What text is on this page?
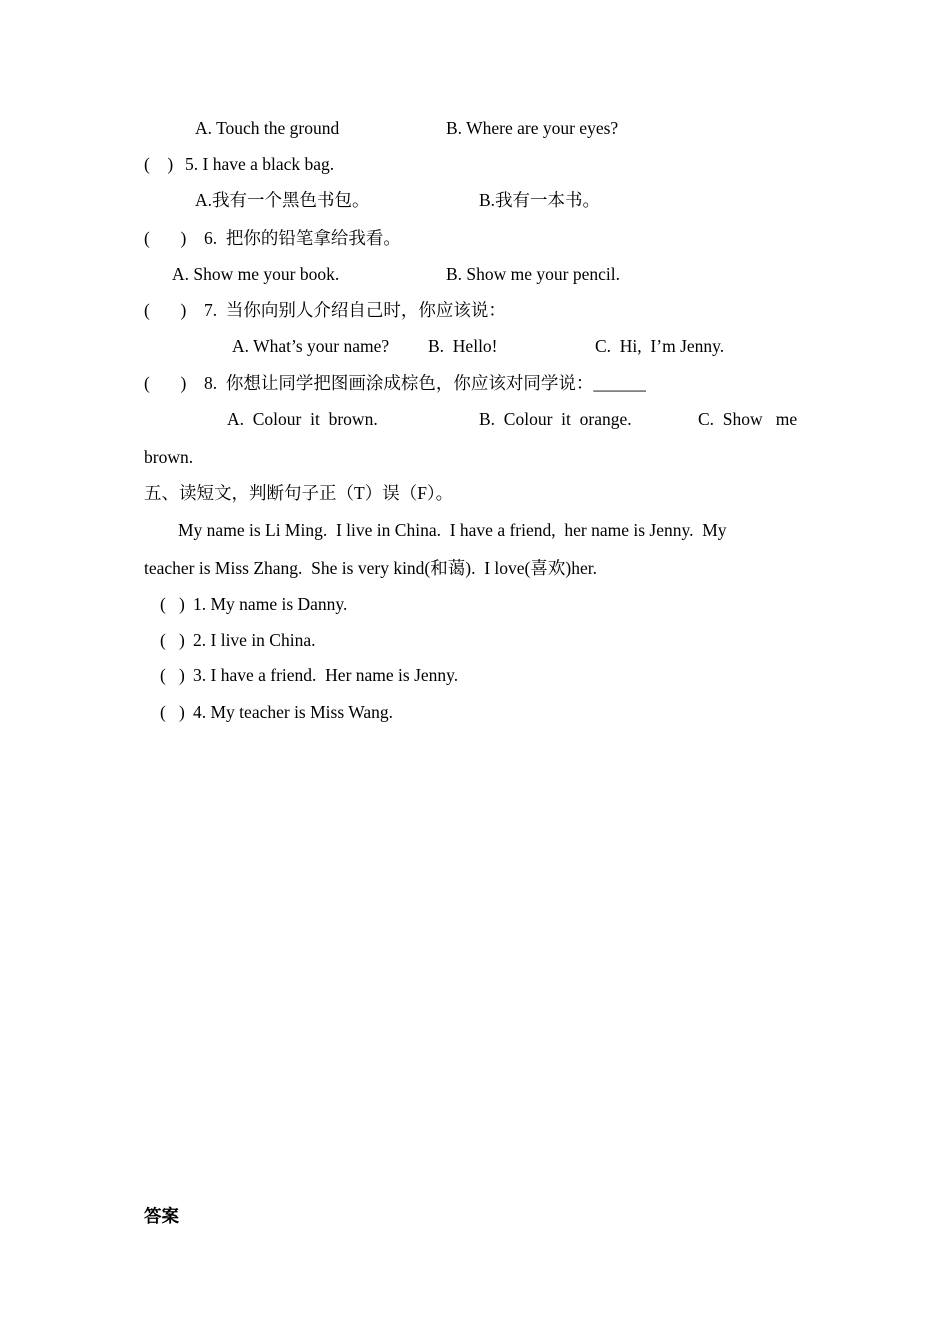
A. Touch the ground	B. Where are your eyes?
(    ) 5. I have a black bag.
A.我有一个黑色书包。	B.我有一本书。
(       ) 6.  把你的铅笔拿给我看。
A. Show me your book.	B. Show me your pencil.
(       ) 7.  当你向别人介绍自己时，你应该说：
A. What’s your name? B.  Hello!	C.  Hi,  I’m Jenny.
(       ) 8.  你想让同学把图画涂成棕色，你应该对同学说：______
A.  Colour  it  brown.	B.  Colour  it  orange.	C.  Show   me
brown.
五、读短文，判断句子正（T）误（F）。
My name is Li Ming.  I live in China.  I have a friend,  her name is Jenny.  My
teacher is Miss Zhang.  She is very kind(和蔼).  I love(喜欢)her.
(   ) 1. My name is Danny.
(   ) 2. I live in China.
(   ) 3. I have a friend.  Her name is Jenny.
(   ) 4. My teacher is Miss Wang.
答案
